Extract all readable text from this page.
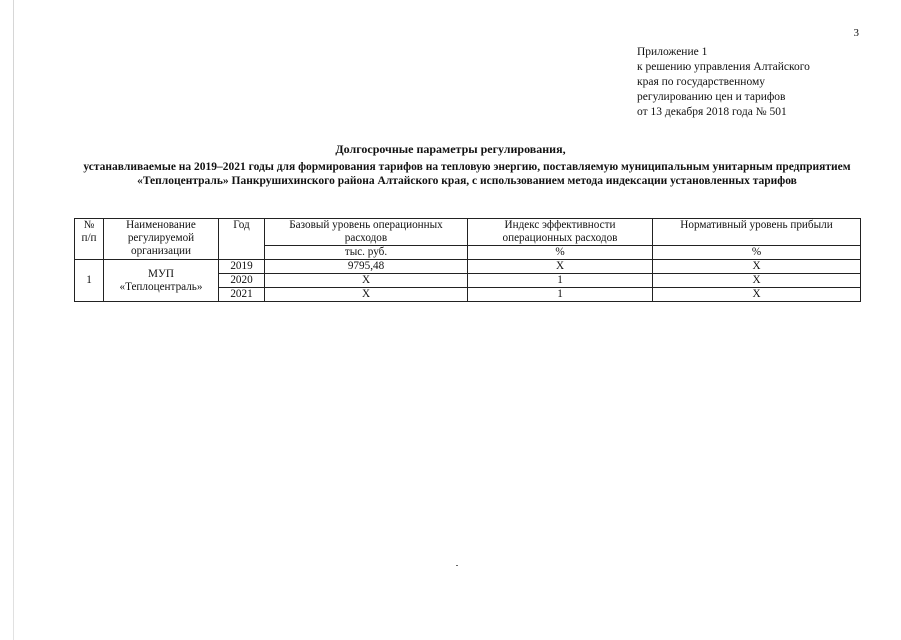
3
Приложение 1
к решению управления Алтайского
края по государственному
регулированию цен и тарифов
от 13 декабря 2018 года № 501
Долгосрочные параметры регулирования,
устанавливаемые на 2019–2021 годы для формирования тарифов на тепловую энергию, поставляемую муниципальным унитарным предприятием «Теплоцентраль» Панкрушихинского района Алтайского края, с использованием метода индексации установленных тарифов
№ п/п	Наименование регулируемой организации	Год	Базовый уровень операционных расходов	Индекс эффективности операционных расходов	Нормативный уровень прибыли
			тыс. руб.	%	%
1	МУП «Теплоцентраль»	2019	9795,48	X	X
		2020	X	1	X
		2021	X	1	X
